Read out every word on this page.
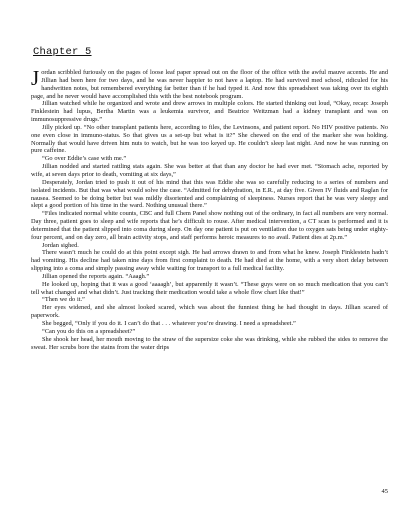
Chapter 5

Jordan scribbled furiously on the pages of loose leaf paper spread out on the floor of the office with the awful mauve accents. He and Jillian had been here for two days, and he was never happier to not have a laptop. He had survived med school, ridiculed for his handwritten notes, but remembered everything far better than if he had typed it. And now this spreadsheet was taking over its eighth page, and he never would have accomplished this with the best notebook program.

Jillian watched while he organized and wrote and drew arrows in multiple colors. He started thinking out loud, “Okay, recap: Joseph Finklestein had lupus, Bertha Martin was a leukemia survivor, and Beatrice Weitzman had a kidney transplant and was on immunosuppressive drugs.”

Jilly picked up. “No other transplant patients here, according to files, the Levinsons, and patient report. No HIV positive patients. No one even close in immuno-status. So that gives us a set-up but what is it?” She chewed on the end of the marker she was holding. Normally that would have driven him nuts to watch, but he was too keyed up. He couldn’t sleep last night. And now he was running on pure caffeine.

“Go over Eddie’s case with me.”

Jillian nodded and started rattling stats again. She was better at that than any doctor he had ever met. “Stomach ache, reported by wife, at seven days prior to death, vomiting at six days,”

Desperately, Jordan tried to push it out of his mind that this was Eddie she was so carefully reducing to a series of numbers and isolated incidents. But that was what would solve the case. “Admitted for dehydration, in E.R., at day five. Given IV fluids and Raglan for nausea. Seemed to be doing better but was mildly disoriented and complaining of sleepiness. Nurses report that he was very sleepy and slept a good portion of his time in the ward. Nothing unusual there.”

“Files indicated normal white counts, CBC and full Chem Panel show nothing out of the ordinary, in fact all numbers are very normal. Day three, patient goes to sleep and wife reports that he’s difficult to rouse. After medical intervention, a CT scan is performed and it is determined that the patient slipped into coma during sleep. On day one patient is put on ventilation due to oxygen sats being under eighty-four percent, and on day zero, all brain activity stops, and staff performs heroic measures to no avail. Patient dies at 2p.m.”

Jordan sighed.

There wasn’t much he could do at this point except sigh. He had arrows drawn to and from what he knew. Joseph Finklestein hadn’t had vomiting. His decline had taken nine days from first complaint to death. He had died at the home, with a very short delay between slipping into a coma and simply passing away while waiting for transport to a full medical facility.

Jillian opened the reports again. “Aaagh.”

He looked up, hoping that it was a good ‘aaaagh’, but apparently it wasn’t. “These guys were on so much medication that you can’t tell what changed and what didn’t. Just tracking their medication would take a whole flow chart like that!”

“Then we do it.”

Her eyes widened, and she almost looked scared, which was about the funniest thing he had thought in days. Jillian scared of paperwork.

She begged, “Only if you do it. I can’t do that . . . whatever you’re drawing. I need a spreadsheet.”

“Can you do this on a spreadsheet?”

She shook her head, her mouth moving to the straw of the supersize coke she was drinking, while she rubbed the sides to remove the sweat. Her scrubs bore the stains from the water drips

45
